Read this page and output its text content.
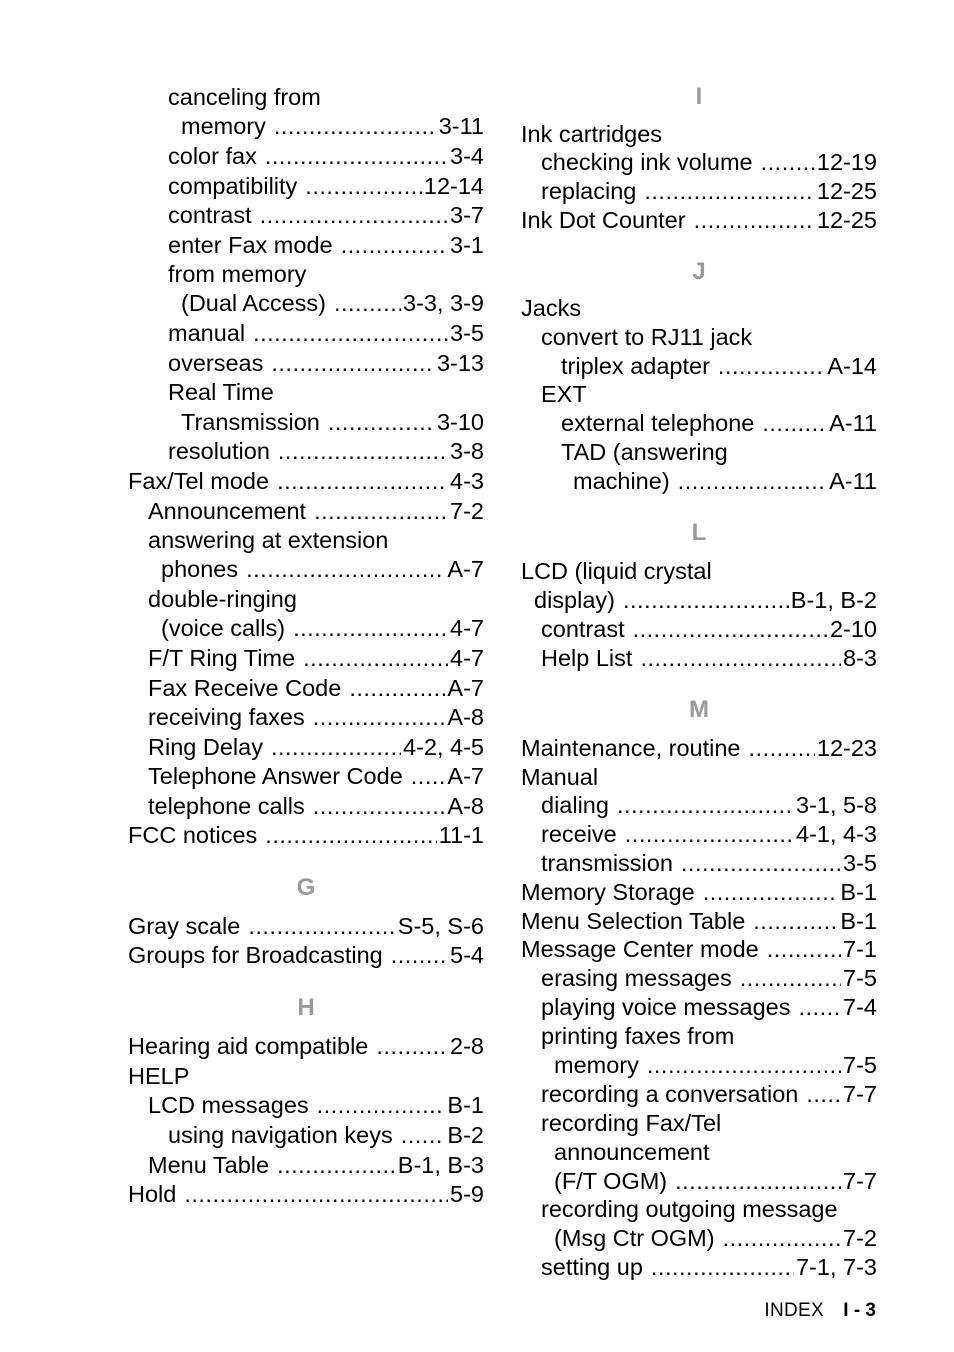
canceling from
memory .....	3-11
color fax .....	3-4
compatibility .....	12-14
contrast .....	3-7
enter Fax mode .....	3-1
from memory
(Dual Access) .....	3-3, 3-9
manual .....	3-5
overseas .....	3-13
Real Time
Transmission .....	3-10
resolution .....	3-8
Fax/Tel mode .....	4-3
Announcement .....	7-2
answering at extension
phones .....	A-7
double-ringing
(voice calls) .....	4-7
F/T Ring Time .....	4-7
Fax Receive Code .....	A-7
receiving faxes .....	A-8
Ring Delay .....	4-2, 4-5
Telephone Answer Code ..... A-7
telephone calls .....	A-8
FCC notices .....	11-1
G
Gray scale .....	S-5, S-6
Groups for Broadcasting .....	5-4
H
Hearing aid compatible .....	2-8
HELP
LCD messages .....	B-1
using navigation keys ..... B-2
Menu Table .....	B-1, B-3
Hold .....	5-9
I
Ink cartridges
checking ink volume .....	12-19
replacing .....	12-25
Ink Dot Counter .....	12-25
J
Jacks
convert to RJ11 jack
triplex adapter .....	A-14
EXT
external telephone .....	A-11
TAD (answering
machine) .....	A-11
L
LCD (liquid crystal
display) .....	B-1, B-2
contrast .....	2-10
Help List .....	8-3
M
Maintenance, routine .....	12-23
Manual
dialing .....	3-1, 5-8
receive .....	4-1, 4-3
transmission .....	3-5
Memory Storage .....	B-1
Menu Selection Table .....	B-1
Message Center mode .....	7-1
erasing messages .....	7-5
playing voice messages ..... 7-4
printing faxes from
memory .....	7-5
recording a conversation ..... 7-7
recording Fax/Tel
announcement
(F/T OGM) .....	7-7
recording outgoing message
(Msg Ctr OGM) .....	7-2
setting up .....	7-1, 7-3
INDEX I - 3
